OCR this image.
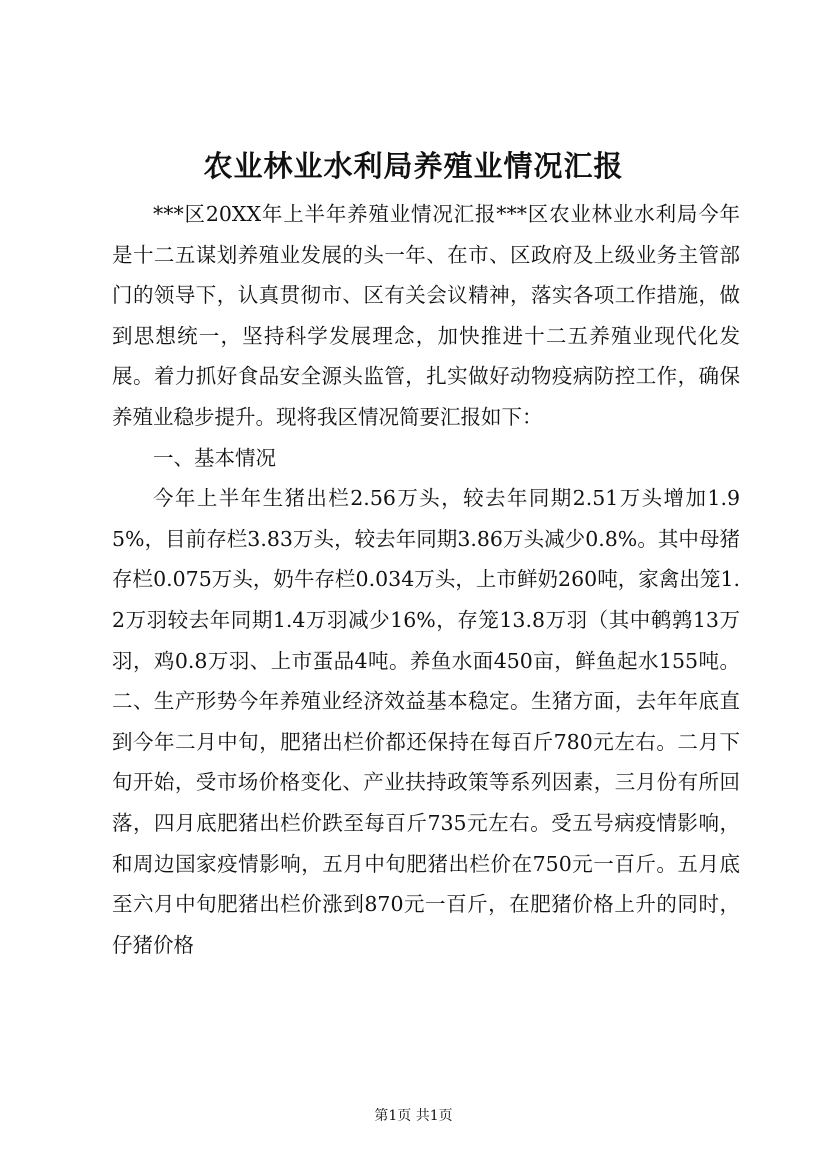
农业林业水利局养殖业情况汇报

***区20XX年上半年养殖业情况汇报***区农业林业水利局今年是十二五谋划养殖业发展的头一年、在市、区政府及上级业务主管部门的领导下，认真贯彻市、区有关会议精神，落实各项工作措施，做到思想统一，坚持科学发展理念，加快推进十二五养殖业现代化发展。着力抓好食品安全源头监管，扎实做好动物疫病防控工作，确保养殖业稳步提升。现将我区情况简要汇报如下：

一、基本情况

今年上半年生猪出栏2.56万头，较去年同期2.51万头增加1.95%，目前存栏3.83万头，较去年同期3.86万头减少0.8%。其中母猪存栏0.075万头，奶牛存栏0.034万头，上市鲜奶260吨，家禽出笼1.2万羽较去年同期1.4万羽减少16%，存笼13.8万羽（其中鹌鹑13万羽，鸡0.8万羽、上市蛋品4吨。养鱼水面450亩，鲜鱼起水155吨。二、生产形势今年养殖业经济效益基本稳定。生猪方面，去年年底直到今年二月中旬，肥猪出栏价都还保持在每百斤780元左右。二月下旬开始，受市场价格变化、产业扶持政策等系列因素，三月份有所回落，四月底肥猪出栏价跌至每百斤735元左右。受五号病疫情影响，和周边国家疫情影响，五月中旬肥猪出栏价在750元一百斤。五月底至六月中旬肥猪出栏价涨到870元一百斤，在肥猪价格上升的同时，仔猪价格

第1页 共1页
